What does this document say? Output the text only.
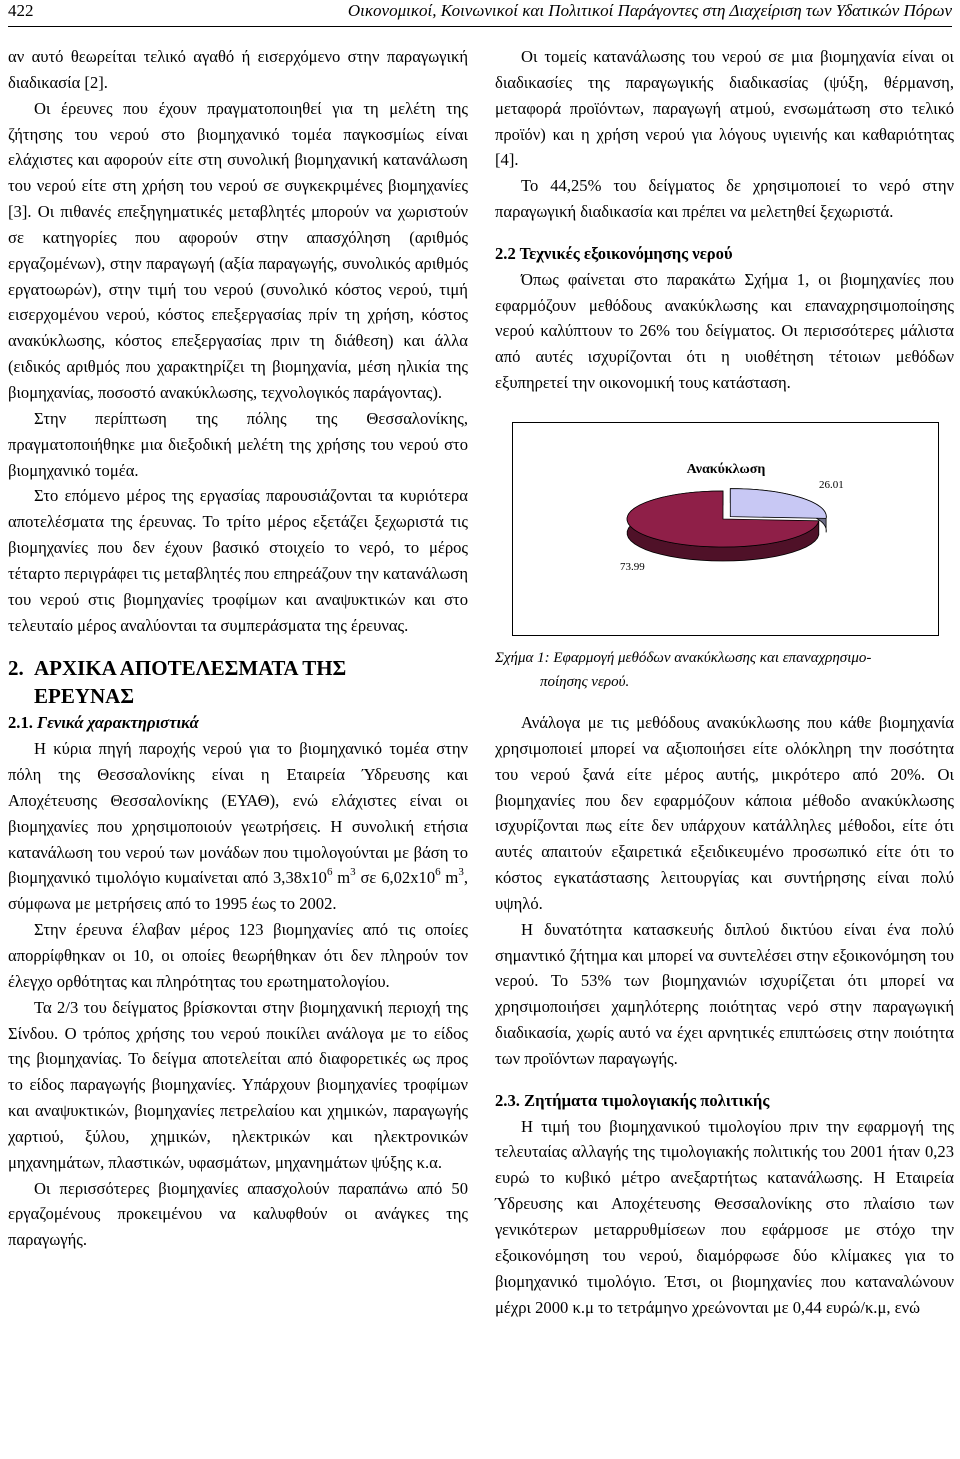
422	Οικονομικοί, Κοινωνικοί και Πολιτικοί Παράγοντες στη Διαχείριση των Υδατικών Πόρων

αν αυτό θεωρείται τελικό αγαθό ή εισερχόμενο στην παραγωγική διαδικασία [2].

Οι έρευνες που έχουν πραγματοποιηθεί για τη μελέτη της ζήτησης του νερού στο βιομηχανικό τομέα παγκοσμίως είναι ελάχιστες και αφορούν είτε στη συνολική βιομηχανική κατανάλωση του νερού είτε στη χρήση του νερού σε συγκεκριμένες βιομηχανίες [3]. Οι πιθανές επεξηγηματικές μεταβλητές μπορούν να χωριστούν σε κατηγορίες που αφορούν στην απασχόληση (αριθμός εργαζομένων), στην παραγωγή (αξία παραγωγής, συνολικός αριθμός εργατοωρών), στην τιμή του νερού (συνολικό κόστος νερού, τιμή εισερχομένου νερού, κόστος επεξεργασίας πρίν τη χρήση, κόστος ανακύκλωσης, κόστος επεξεργασίας πριν τη διάθεση) και άλλα (ειδικός αριθμός που χαρακτηρίζει τη βιομηχανία, μέση ηλικία της βιομηχανίας, ποσοστό ανακύκλωσης, τεχνολογικός παράγοντας).

Στην περίπτωση της πόλης της Θεσσαλονίκης, πραγματοποιήθηκε μια διεξοδική μελέτη της χρήσης του νερού στο βιομηχανικό τομέα.

Στο επόμενο μέρος της εργασίας παρουσιάζονται τα κυριότερα αποτελέσματα της έρευνας. Το τρίτο μέρος εξετάζει ξεχωριστά τις βιομηχανίες που δεν έχουν βασικό στοιχείο το νερό, το μέρος τέταρτο περιγράφει τις μεταβλητές που επηρεάζουν την κατανάλωση του νερού στις βιομηχανίες τροφίμων και αναψυκτικών και στο τελευταίο μέρος αναλύονται τα συμπεράσματα της έρευνας.

2. ΑΡΧΙΚΑ ΑΠΟΤΕΛΕΣΜΑΤΑ ΤΗΣ
ΕΡΕΥΝΑΣ
2.1. Γενικά χαρακτηριστικά

Η κύρια πηγή παροχής νερού για το βιομηχανικό τομέα στην πόλη της Θεσσαλονίκης είναι η Εταιρεία Ύδρευσης και Αποχέτευσης Θεσσαλονίκης (ΕΥΑΘ), ενώ ελάχιστες είναι οι βιομηχανίες που χρησιμοποιούν γεωτρήσεις. Η συνολική ετήσια κατανάλωση του νερού των μονάδων που τιμολογούνται με βάση το βιομηχανικό τιμολόγιο κυμαίνεται από $3,38x10^6$ $m^3$ σε $6,02x10^6$ $m^3$, σύμφωνα με μετρήσεις από το 1995 έως το 2002.

Στην έρευνα έλαβαν μέρος 123 βιομηχανίες από τις οποίες απορρίφθηκαν οι 10, οι οποίες θεωρήθηκαν ότι δεν πληρούν τον έλεγχο ορθότητας και πληρότητας του ερωτηματολογίου.

Τα 2/3 του δείγματος βρίσκονται στην βιομηχανική περιοχή της Σίνδου. Ο τρόπος χρήσης του νερού ποικίλει ανάλογα με το είδος της βιομηχανίας. Το δείγμα αποτελείται από διαφορετικές ως προς το είδος παραγωγής βιομηχανίες. Υπάρχουν βιομηχανίες τροφίμων και αναψυκτικών, βιομηχανίες πετρελαίου και χημικών, παραγωγής χαρτιού, ξύλου, χημικών, ηλεκτρικών και ηλεκτρονικών μηχανημάτων, πλαστικών, υφασμάτων, μηχανημάτων ψύξης κ.α.

Οι περισσότερες βιομηχανίες απασχολούν παραπάνω από 50 εργαζομένους προκειμένου να καλυφθούν οι ανάγκες της παραγωγής.

Οι τομείς κατανάλωσης του νερού σε μια βιομηχανία είναι οι διαδικασίες της παραγωγικής διαδικασίας (ψύξη, θέρμανση, μεταφορά προϊόντων, παραγωγή ατμού, ενσωμάτωση στο τελικό προϊόν) και η χρήση νερού για λόγους υγιεινής και καθαριότητας [4].

Το 44,25% του δείγματος δε χρησιμοποιεί το νερό στην παραγωγική διαδικασία και πρέπει να μελετηθεί ξεχωριστά.

2.2 Τεχνικές εξοικονόμησης νερού

Όπως φαίνεται στο παρακάτω Σχήμα 1, οι βιομηχανίες που εφαρμόζουν μεθόδους ανακύκλωσης και επαναχρησιμοποίησης νερού καλύπτουν το 26% του δείγματος. Οι περισσότερες μάλιστα από αυτές ισχυρίζονται ότι η υιοθέτηση τέτοιων μεθόδων εξυπηρετεί την οικονομική τους κατάσταση.

Ανακύκλωση
26.01
73.99
Σχήμα 1: Εφαρμογή μεθόδων ανακύκλωσης και επαναχρησιμο-
ποίησης νερού.

Ανάλογα με τις μεθόδους ανακύκλωσης που κάθε βιομηχανία χρησιμοποιεί μπορεί να αξιοποιήσει είτε ολόκληρη την ποσότητα του νερού ξανά είτε μέρος αυτής, μικρότερο από 20%. Οι βιομηχανίες που δεν εφαρμόζουν κάποια μέθοδο ανακύκλωσης ισχυρίζονται πως είτε δεν υπάρχουν κατάλληλες μέθοδοι, είτε ότι αυτές απαιτούν εξαιρετικά εξειδικευμένο προσωπικό είτε ότι το κόστος εγκατάστασης λειτουργίας και συντήρησης είναι πολύ υψηλό.

Η δυνατότητα κατασκευής διπλού δικτύου είναι ένα πολύ σημαντικό ζήτημα και μπορεί να συντελέσει στην εξοικονόμηση του νερού. Το 53% των βιομηχανιών ισχυρίζεται ότι μπορεί να χρησιμοποιήσει χαμηλότερης ποιότητας νερό στην παραγωγική διαδικασία, χωρίς αυτό να έχει αρνητικές επιπτώσεις στην ποιότητα των προϊόντων παραγωγής.

2.3. Ζητήματα τιμολογιακής πολιτικής

Η τιμή του βιομηχανικού τιμολογίου πριν την εφαρμογή της τελευταίας αλλαγής της τιμολογιακής πολιτικής του 2001 ήταν 0,23 ευρώ το κυβικό μέτρο ανεξαρτήτως κατανάλωσης. Η Εταιρεία Ύδρευσης και Αποχέτευσης Θεσσαλονίκης στο πλαίσιο των γενικότερων μεταρρυθμίσεων που εφάρμοσε με στόχο την εξοικονόμηση του νερού, διαμόρφωσε δύο κλίμακες για το βιομηχανικό τιμολόγιο. Έτσι, οι βιομηχανίες που καταναλώνουν μέχρι 2000 κ.μ το τετράμηνο χρεώνονται με 0,44 ευρώ/κ.μ, ενώ
